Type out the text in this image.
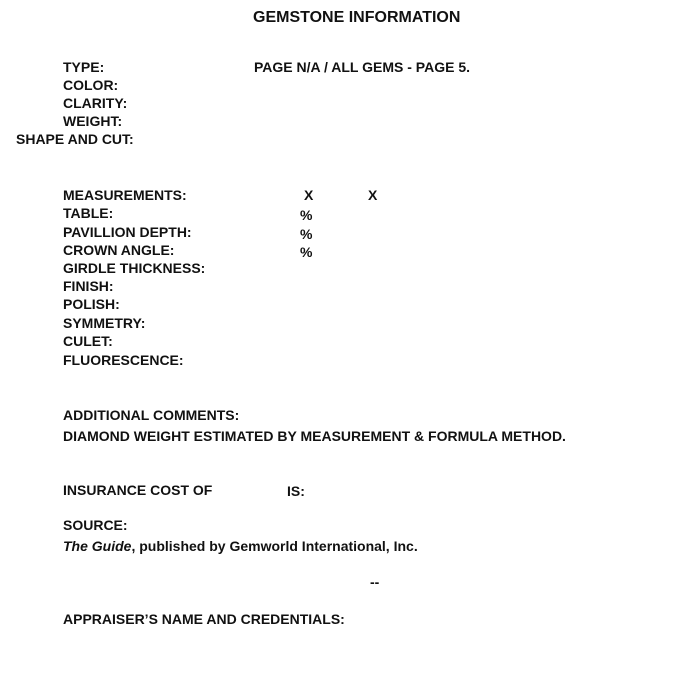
GEMSTONE INFORMATION
TYPE:	PAGE N/A / ALL GEMS - PAGE 5.
COLOR:
CLARITY:
WEIGHT:
SHAPE AND CUT:
MEASUREMENTS:	X	X
TABLE:	%
PAVILLION DEPTH:	%
CROWN ANGLE:	%
GIRDLE THICKNESS:
FINISH:
POLISH:
SYMMETRY:
CULET:
FLUORESCENCE:
ADDITIONAL COMMENTS:
DIAMOND WEIGHT ESTIMATED BY MEASUREMENT & FORMULA METHOD.
INSURANCE COST OF	IS:
SOURCE:
The Guide, published by Gemworld International, Inc.
--
APPRAISER’S NAME AND CREDENTIALS:
